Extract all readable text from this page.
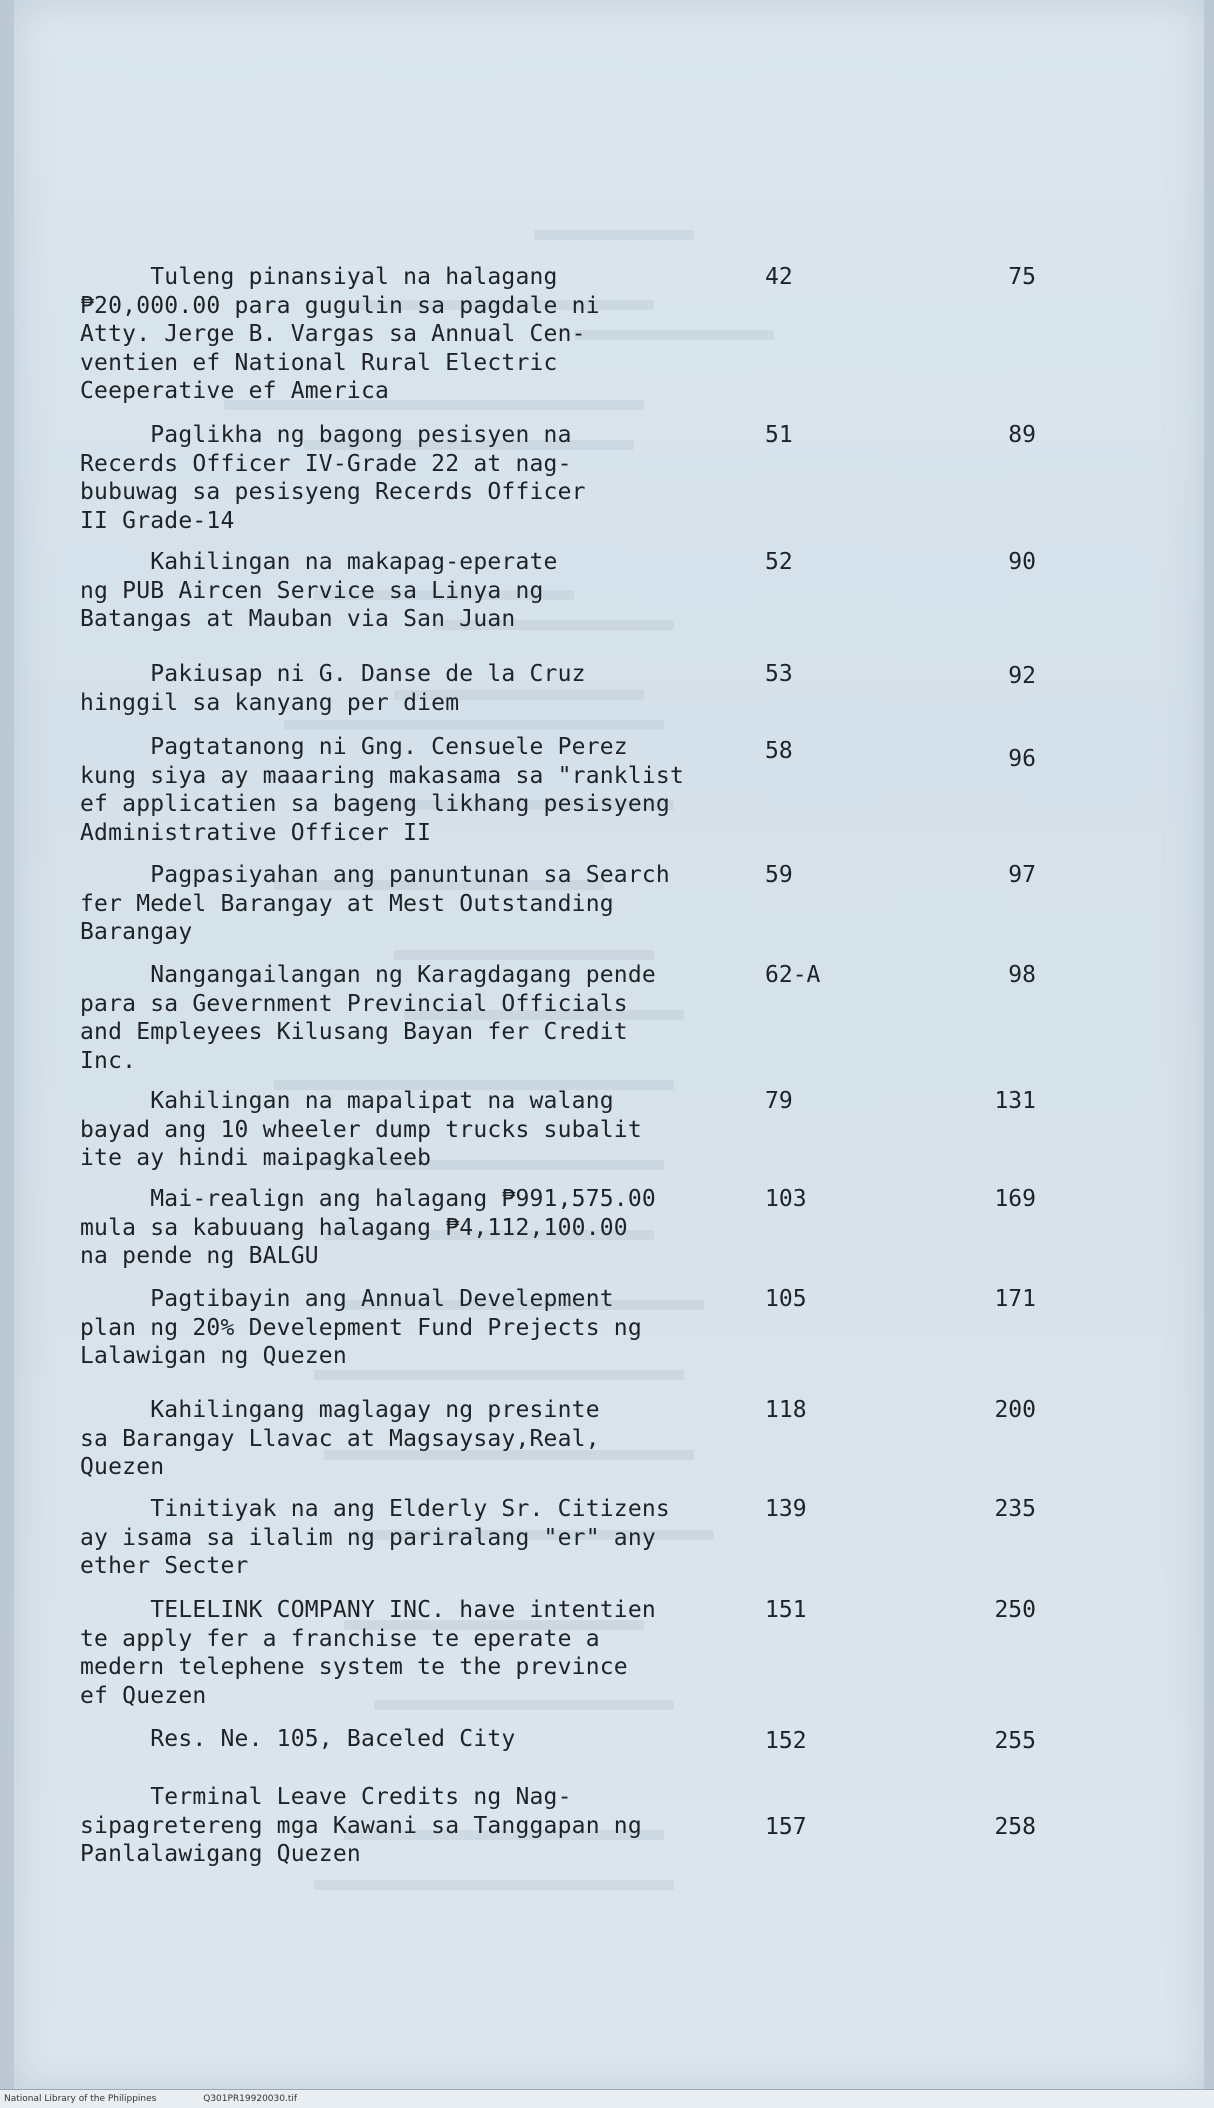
Tuleng pinansiyal na halagang
₱20,000.00 para gugulin sa pagdale ni
Atty. Jerge B. Vargas sa Annual Cen-
ventien ef National Rural Electric
Ceeperative ef America
42	75
Paglikha ng bagong pesisyen na
Recerds Officer IV-Grade 22 at nag-
bubuwag sa pesisyeng Recerds Officer
II Grade-14
51	89
Kahilingan na makapag-eperate
ng PUB Aircen Service sa Linya ng
Batangas at Mauban via San Juan
52	90
Pakiusap ni G. Danse de la Cruz
hinggil sa kanyang per diem
53	92
Pagtatanong ni Gng. Censuele Perez
kung siya ay maaaring makasama sa "ranklist
ef applicatien sa bageng likhang pesisyeng
Administrative Officer II
58	96
Pagpasiyahan ang panuntunan sa Search
fer Medel Barangay at Mest Outstanding
Barangay
59	97
Nangangailangan ng Karagdagang pende
para sa Gevernment Previncial Officials
and Empleyees Kilusang Bayan fer Credit
Inc.
62-A	98
Kahilingan na mapalipat na walang
bayad ang 10 wheeler dump trucks subalit
ite ay hindi maipagkaleeb
79	131
Mai-realign ang halagang ₱991,575.00
mula sa kabuuang halagang ₱4,112,100.00
na pende ng BALGU
103	169
Pagtibayin ang Annual Develepment
plan ng 20% Develepment Fund Prejects ng
Lalawigan ng Quezen
105	171
Kahilingang maglagay ng presinte
sa Barangay Llavac at Magsaysay,Real,
Quezen
118	200
Tinitiyak na ang Elderly Sr. Citizens
ay isama sa ilalim ng pariralang "er" any
ether Secter
139	235
TELELINK COMPANY INC. have intentien
te apply fer a franchise te eperate a
medern telephene system te the prevince
ef Quezen
151	250
Res. Ne. 105, Baceled City	152	255
Terminal Leave Credits ng Nag-
sipagretereng mga Kawani sa Tanggapan ng
Panlalawigang Quezen
157	258
National Library of the Philippines	Q301PR19920030.tif
